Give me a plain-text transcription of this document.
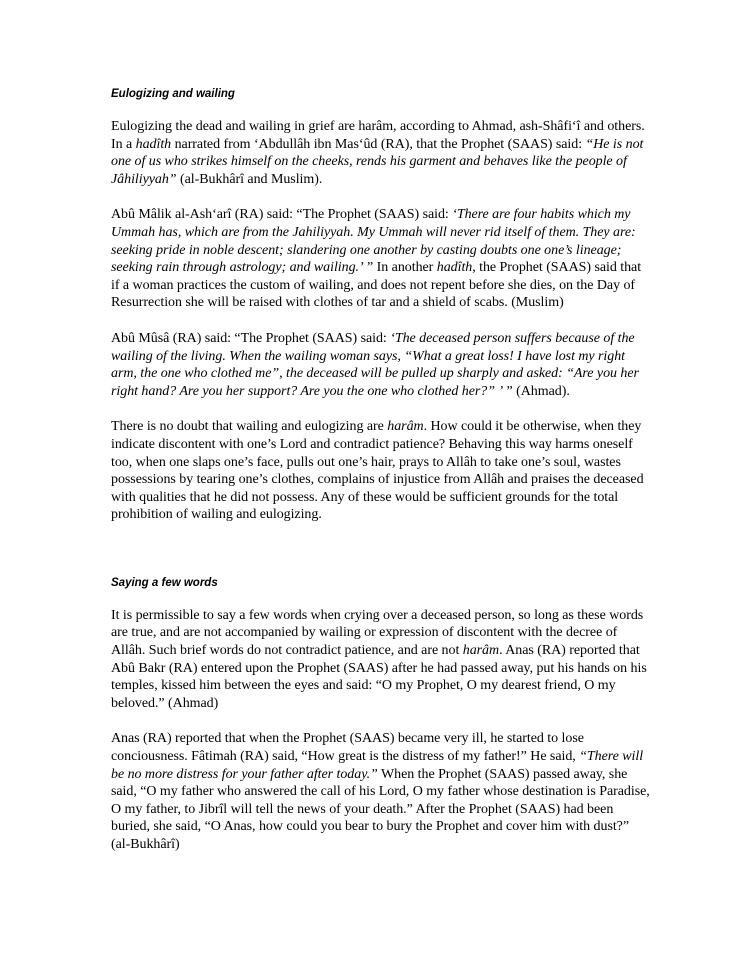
Eulogizing and wailing

Eulogizing the dead and wailing in grief are harâm, according to Ahmad, ash-Shâfi‘î and others. In a hadîth narrated from ‘Abdullâh ibn Mas‘ûd (RA), that the Prophet (SAAS) said: “He is not one of us who strikes himself on the cheeks, rends his garment and behaves like the people of Jâhiliyyah” (al-Bukhârî and Muslim).

Abû Mâlik al-Ash‘arî (RA) said: “The Prophet (SAAS) said: ‘There are four habits which my Ummah has, which are from the Jahiliyyah. My Ummah will never rid itself of them. They are: seeking pride in noble descent; slandering one another by casting doubts one one’s lineage; seeking rain through astrology; and wailing.’ ” In another hadîth, the Prophet (SAAS) said that if a woman practices the custom of wailing, and does not repent before she dies, on the Day of Resurrection she will be raised with clothes of tar and a shield of scabs. (Muslim)

Abû Mûsâ (RA) said: “The Prophet (SAAS) said: ‘The deceased person suffers because of the wailing of the living. When the wailing woman says, “What a great loss! I have lost my right arm, the one who clothed me”, the deceased will be pulled up sharply and asked: “Are you her right hand? Are you her support? Are you the one who clothed her?” ’ ” (Ahmad).

There is no doubt that wailing and eulogizing are harâm. How could it be otherwise, when they indicate discontent with one’s Lord and contradict patience? Behaving this way harms oneself too, when one slaps one’s face, pulls out one’s hair, prays to Allâh to take one’s soul, wastes possessions by tearing one’s clothes, complains of injustice from Allâh and praises the deceased with qualities that he did not possess. Any of these would be sufficient grounds for the total prohibition of wailing and eulogizing.

Saying a few words

It is permissible to say a few words when crying over a deceased person, so long as these words are true, and are not accompanied by wailing or expression of discontent with the decree of Allâh. Such brief words do not contradict patience, and are not harâm. Anas (RA) reported that Abû Bakr (RA) entered upon the Prophet (SAAS) after he had passed away, put his hands on his temples, kissed him between the eyes and said: “O my Prophet, O my dearest friend, O my beloved.” (Ahmad)

Anas (RA) reported that when the Prophet (SAAS) became very ill, he started to lose conciousness. Fâtimah (RA) said, “How great is the distress of my father!” He said, “There will be no more distress for your father after today.” When the Prophet (SAAS) passed away, she said, “O my father who answered the call of his Lord, O my father whose destination is Paradise, O my father, to Jibrîl will tell the news of your death.” After the Prophet (SAAS) had been buried, she said, “O Anas, how could you bear to bury the Prophet and cover him with dust?” (al-Bukhârî)
